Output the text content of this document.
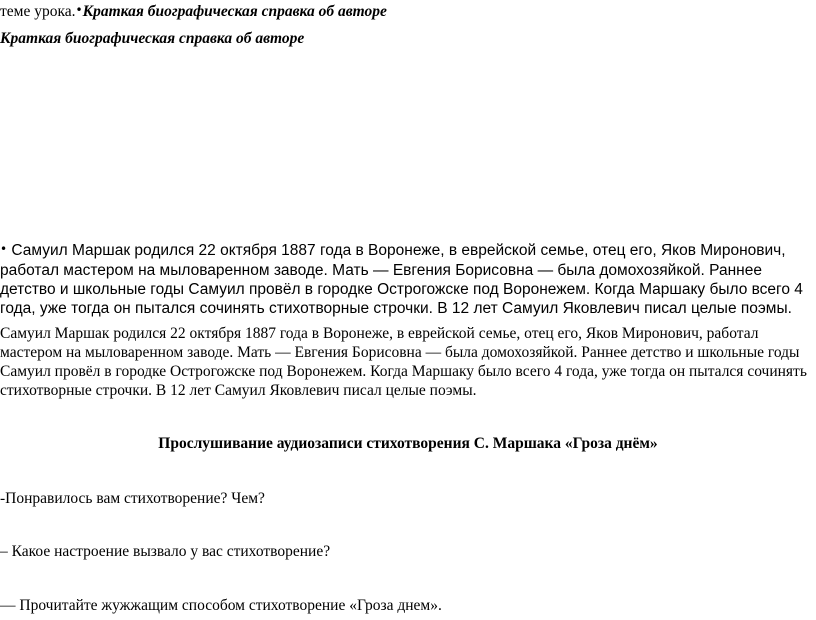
теме урока.•Краткая биографическая справка об авторе
Краткая биографическая справка об авторе

• Самуил Маршак родился 22 октября 1887 года в Воронеже, в еврейской семье, отец его, Яков Миронович, работал мастером на мыловаренном заводе. Мать — Евгения Борисовна — была домохозяйкой. Раннее детство и школьные годы Самуил провёл в городке Острогожске под Воронежем. Когда Маршаку было всего 4 года, уже тогда он пытался сочинять стихотворные строчки. В 12 лет Самуил Яковлевич писал целые поэмы.

Самуил Маршак родился 22 октября 1887 года в Воронеже, в еврейской семье, отец его, Яков Миронович, работал мастером на мыловаренном заводе. Мать — Евгения Борисовна — была домохозяйкой. Раннее детство и школьные годы Самуил провёл в городке Острогожске под Воронежем. Когда Маршаку было всего 4 года, уже тогда он пытался сочинять стихотворные строчки. В 12 лет Самуил Яковлевич писал целые поэмы.

Прослушивание аудиозаписи стихотворения С. Маршака «Гроза днём»
-Понравилось вам стихотворение? Чем?
– Какое настроение вызвало у вас стихотворение?
— Прочитайте жужжащим способом стихотворение «Гроза днем».
